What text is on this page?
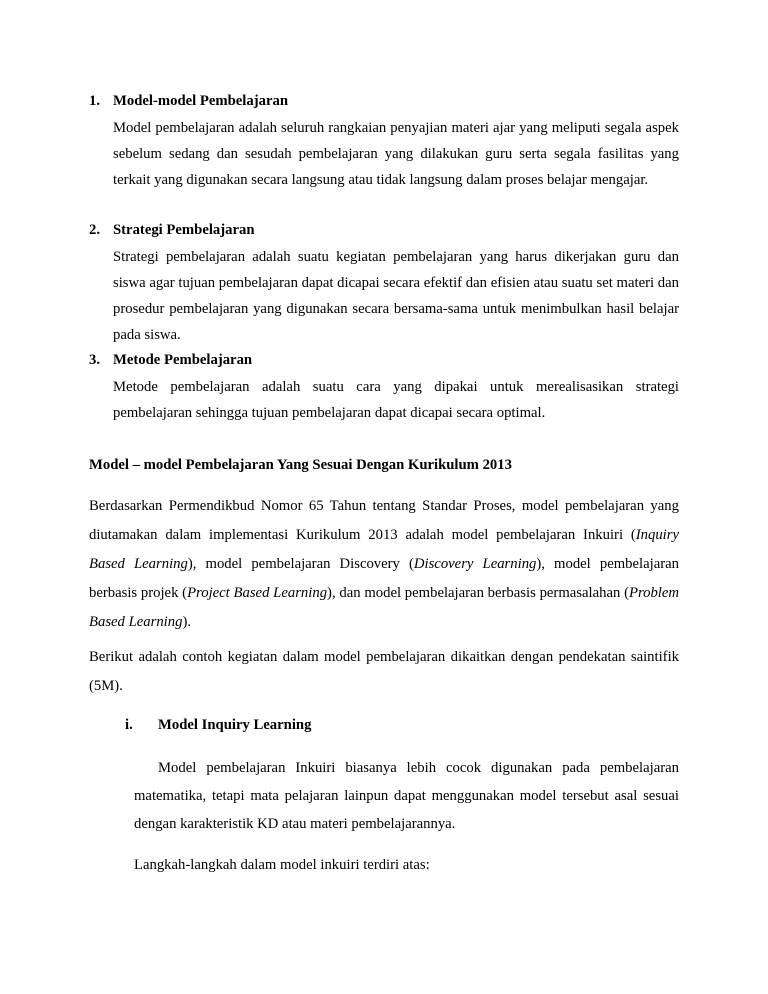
1. Model-model Pembelajaran
Model pembelajaran adalah seluruh rangkaian penyajian materi ajar yang meliputi segala aspek sebelum sedang dan sesudah pembelajaran yang dilakukan guru serta segala fasilitas yang terkait yang digunakan secara langsung atau tidak langsung dalam proses belajar mengajar.
2. Strategi Pembelajaran
Strategi pembelajaran adalah suatu kegiatan pembelajaran yang harus dikerjakan guru dan siswa agar tujuan pembelajaran dapat dicapai secara efektif dan efisien atau suatu set materi dan prosedur pembelajaran yang digunakan secara bersama-sama untuk menimbulkan hasil belajar pada siswa.
3. Metode Pembelajaran
Metode pembelajaran adalah suatu cara yang dipakai untuk merealisasikan strategi pembelajaran sehingga tujuan pembelajaran dapat dicapai secara optimal.
Model – model Pembelajaran Yang Sesuai Dengan Kurikulum 2013
Berdasarkan Permendikbud Nomor 65 Tahun tentang Standar Proses, model pembelajaran yang diutamakan dalam implementasi Kurikulum 2013 adalah model pembelajaran Inkuiri (Inquiry Based Learning), model pembelajaran Discovery (Discovery Learning), model pembelajaran berbasis projek (Project Based Learning), dan model pembelajaran berbasis permasalahan (Problem Based Learning).
Berikut adalah contoh kegiatan dalam model pembelajaran dikaitkan dengan pendekatan saintifik (5M).
i. Model Inquiry Learning
Model pembelajaran Inkuiri biasanya lebih cocok digunakan pada pembelajaran matematika, tetapi mata pelajaran lainpun dapat menggunakan model tersebut asal sesuai dengan karakteristik KD atau materi pembelajarannya.
Langkah-langkah dalam model inkuiri terdiri atas:
